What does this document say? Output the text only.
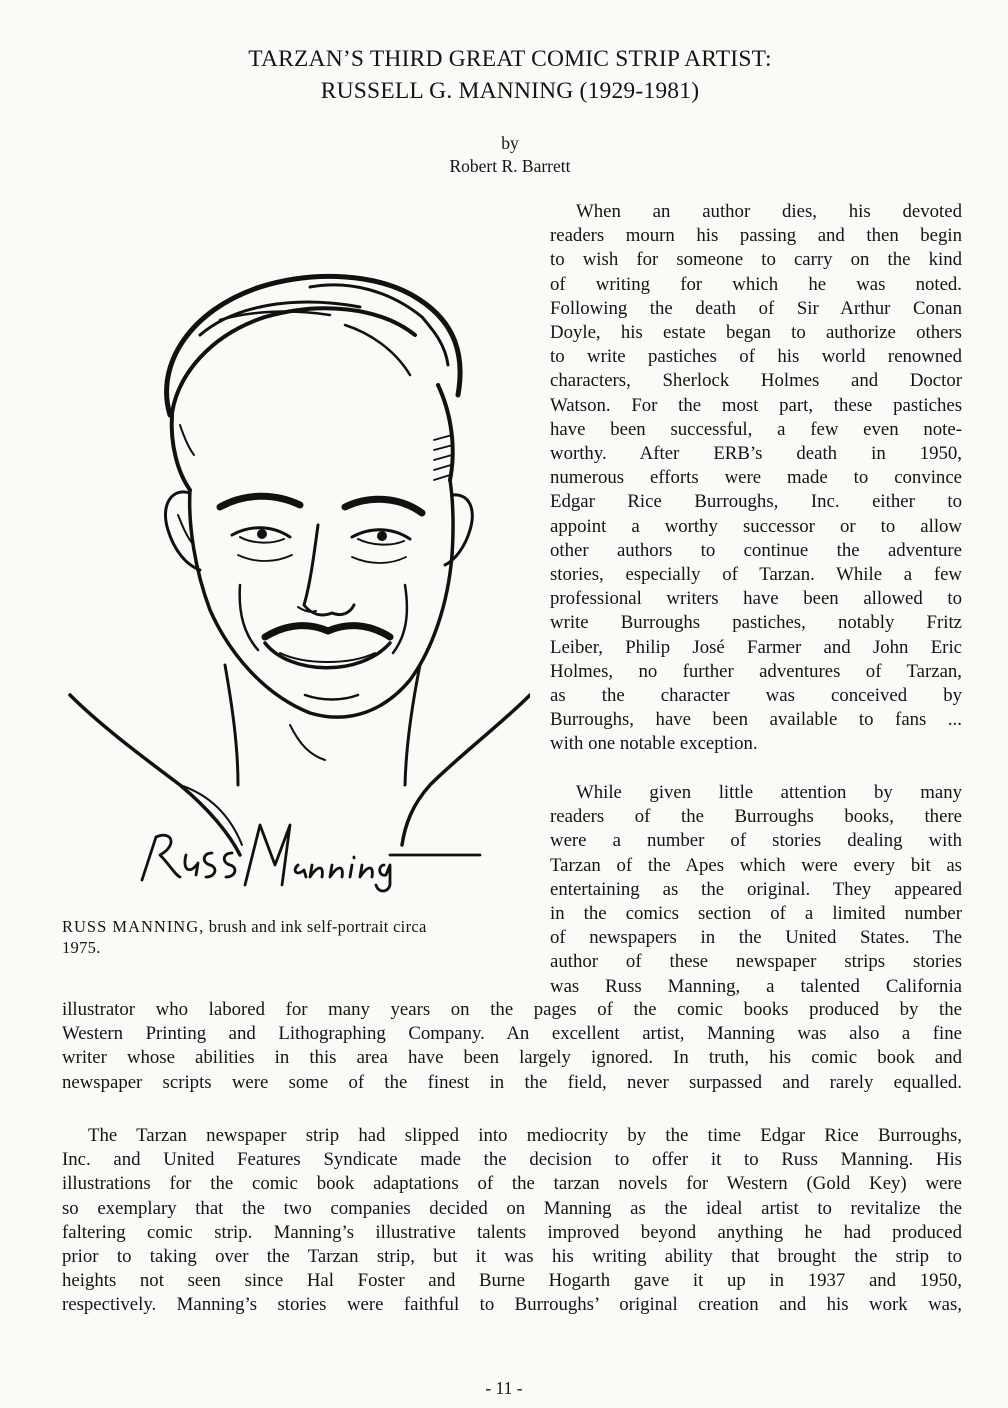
TARZAN’S THIRD GREAT COMIC STRIP ARTIST:
RUSSELL G. MANNING (1929-1981)
by
Robert R. Barrett
RUSS MANNING, brush and ink self-portrait circa
1975.
When an author dies, his devoted
readers mourn his passing and then begin
to wish for someone to carry on the kind
of writing for which he was noted.
Following the death of Sir Arthur Conan
Doyle, his estate began to authorize others
to write pastiches of his world renowned
characters, Sherlock Holmes and Doctor
Watson. For the most part, these pastiches
have been successful, a few even note-
worthy. After ERB’s death in 1950,
numerous efforts were made to convince
Edgar Rice Burroughs, Inc. either to
appoint a worthy successor or to allow
other authors to continue the adventure
stories, especially of Tarzan. While a few
professional writers have been allowed to
write Burroughs pastiches, notably Fritz
Leiber, Philip José Farmer and John Eric
Holmes, no further adventures of Tarzan,
as the character was conceived by
Burroughs, have been available to fans ...
with one notable exception.
While given little attention by many
readers of the Burroughs books, there
were a number of stories dealing with
Tarzan of the Apes which were every bit as
entertaining as the original. They appeared
in the comics section of a limited number
of newspapers in the United States. The
author of these newspaper strips stories
was Russ Manning, a talented California
illustrator who labored for many years on the pages of the comic books produced by the
Western Printing and Lithographing Company. An excellent artist, Manning was also a fine
writer whose abilities in this area have been largely ignored. In truth, his comic book and
newspaper scripts were some of the finest in the field, never surpassed and rarely equalled.
The Tarzan newspaper strip had slipped into mediocrity by the time Edgar Rice Burroughs,
Inc. and United Features Syndicate made the decision to offer it to Russ Manning. His
illustrations for the comic book adaptations of the tarzan novels for Western (Gold Key) were
so exemplary that the two companies decided on Manning as the ideal artist to revitalize the
faltering comic strip. Manning’s illustrative talents improved beyond anything he had produced
prior to taking over the Tarzan strip, but it was his writing ability that brought the strip to
heights not seen since Hal Foster and Burne Hogarth gave it up in 1937 and 1950,
respectively. Manning’s stories were faithful to Burroughs’ original creation and his work was,
- 11 -
